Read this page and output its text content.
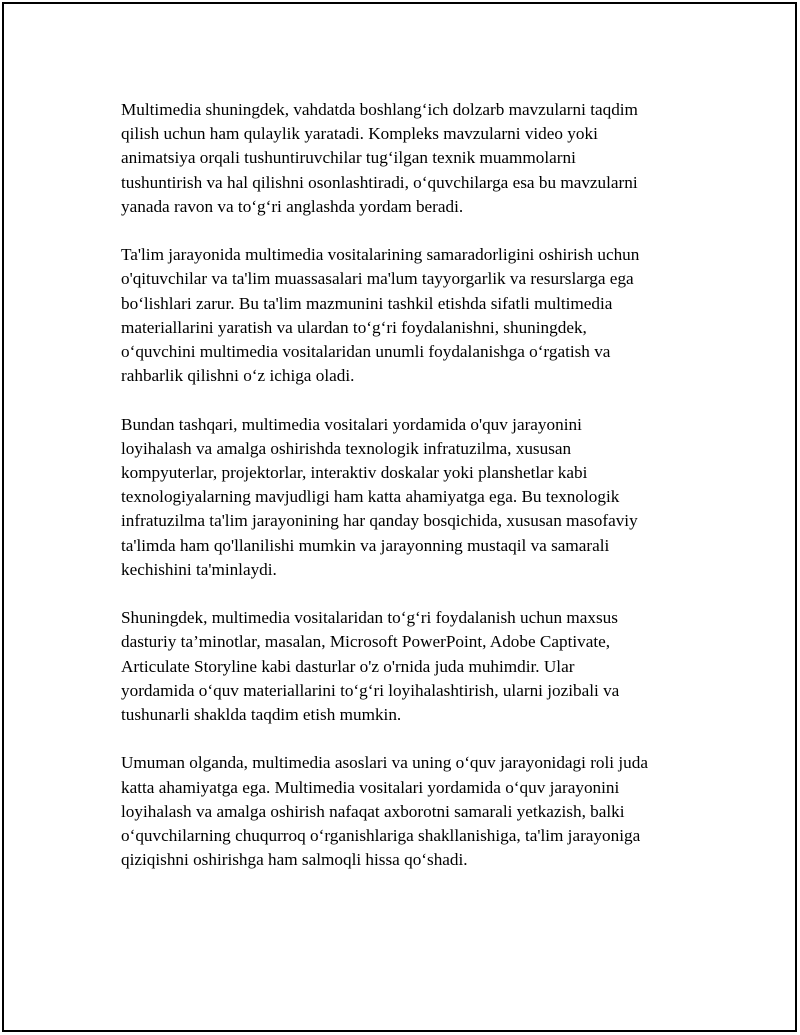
Multimedia shuningdek, vahdatda boshlang‘ich dolzarb mavzularni taqdim
qilish uchun ham qulaylik yaratadi. Kompleks mavzularni video yoki
animatsiya orqali tushuntiruvchilar tug‘ilgan texnik muammolarni
tushuntirish va hal qilishni osonlashtiradi, o‘quvchilarga esa bu mavzularni
yanada ravon va to‘g‘ri anglashda yordam beradi.

Ta'lim jarayonida multimedia vositalarining samaradorligini oshirish uchun
o'qituvchilar va ta'lim muassasalari ma'lum tayyorgarlik va resurslarga ega
bo‘lishlari zarur. Bu ta'lim mazmunini tashkil etishda sifatli multimedia
materiallarini yaratish va ulardan to‘g‘ri foydalanishni, shuningdek,
o‘quvchini multimedia vositalaridan unumli foydalanishga o‘rgatish va
rahbarlik qilishni o‘z ichiga oladi.

Bundan tashqari, multimedia vositalari yordamida o'quv jarayonini
loyihalash va amalga oshirishda texnologik infratuzilma, xususan
kompyuterlar, projektorlar, interaktiv doskalar yoki planshetlar kabi
texnologiyalarning mavjudligi ham katta ahamiyatga ega. Bu texnologik
infratuzilma ta'lim jarayonining har qanday bosqichida, xususan masofaviy
ta'limda ham qo'llanilishi mumkin va jarayonning mustaqil va samarali
kechishini ta'minlaydi.

Shuningdek, multimedia vositalaridan to‘g‘ri foydalanish uchun maxsus
dasturiy ta’minotlar, masalan, Microsoft PowerPoint, Adobe Captivate,
Articulate Storyline kabi dasturlar o'z o'rnida juda muhimdir. Ular
yordamida o‘quv materiallarini to‘g‘ri loyihalashtirish, ularni jozibali va
tushunarli shaklda taqdim etish mumkin.

Umuman olganda, multimedia asoslari va uning o‘quv jarayonidagi roli juda
katta ahamiyatga ega. Multimedia vositalari yordamida o‘quv jarayonini
loyihalash va amalga oshirish nafaqat axborotni samarali yetkazish, balki
o‘quvchilarning chuqurroq o‘rganishlariga shakllanishiga, ta'lim jarayoniga
qiziqishni oshirishga ham salmoqli hissa qo‘shadi.
